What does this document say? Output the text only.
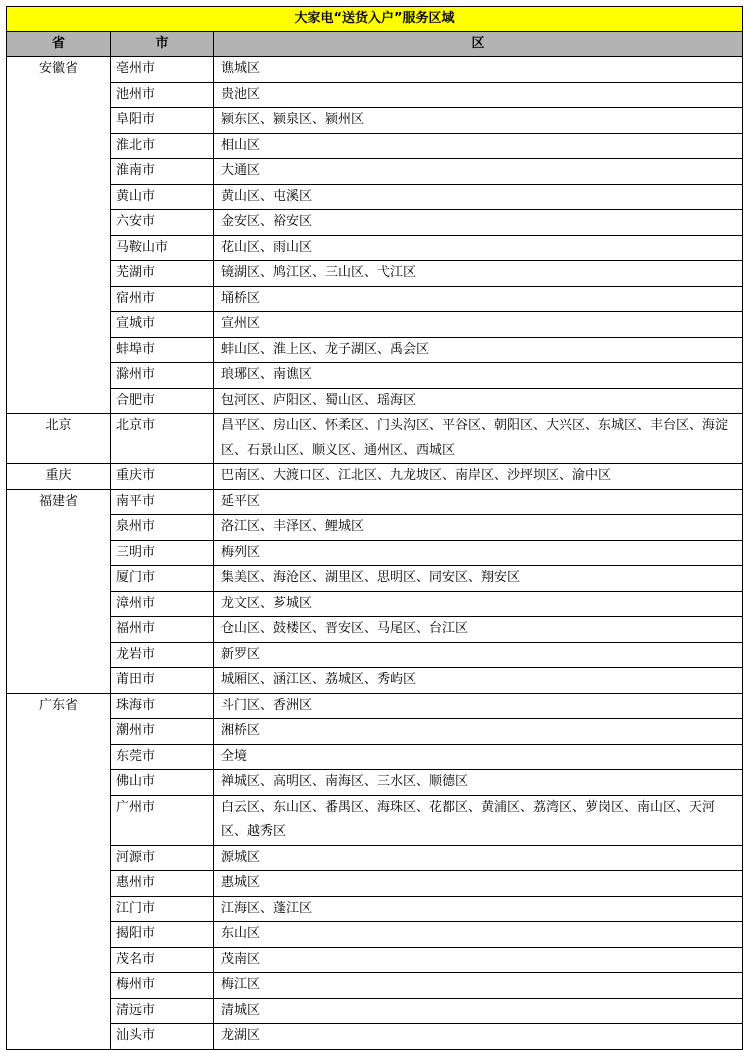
大家电“送货入户”服务区域			
省	市	区	
安徽省	亳州市	谯城区	
	池州市	贵池区	
	阜阳市	颍东区、颍泉区、颍州区	
	淮北市	相山区	
	淮南市	大通区	
	黄山市	黄山区、屯溪区	
	六安市	金安区、裕安区	
	马鞍山市	花山区、雨山区	
	芜湖市	镜湖区、鸠江区、三山区、弋江区	
	宿州市	埇桥区	
	宣城市	宣州区	
	蚌埠市	蚌山区、淮上区、龙子湖区、禹会区	
	滁州市	琅琊区、南谯区	
	合肥市	包河区、庐阳区、蜀山区、瑶海区	
北京	北京市	昌平区、房山区、怀柔区、门头沟区、平谷区、朝阳区、大兴区、东城区、丰台区、海淀区、石景山区、顺义区、通州区、西城区	

重庆	重庆市	巴南区、大渡口区、江北区、九龙坡区、南岸区、沙坪坝区、渝中区	

福建省	南平市	延平区	
	泉州市	洛江区、丰泽区、鲤城区	
	三明市	梅列区	
	厦门市	集美区、海沧区、湖里区、思明区、同安区、翔安区	
	漳州市	龙文区、芗城区	
	福州市	仓山区、鼓楼区、晋安区、马尾区、台江区	
	龙岩市	新罗区	
	莆田市	城厢区、涵江区、荔城区、秀屿区	
广东省	珠海市	斗门区、香洲区	
	潮州市	湘桥区	
	东莞市	全境	
	佛山市	禅城区、高明区、南海区、三水区、顺德区	
	广州市	白云区、东山区、番禺区、海珠区、花都区、黄浦区、荔湾区、萝岗区、南山区、天河区、越秀区	
	河源市	源城区	
	惠州市	惠城区	
	江门市	江海区、蓬江区	
	揭阳市	东山区	
	茂名市	茂南区	
	梅州市	梅江区	
	清远市	清城区	
	汕头市	龙湖区	
